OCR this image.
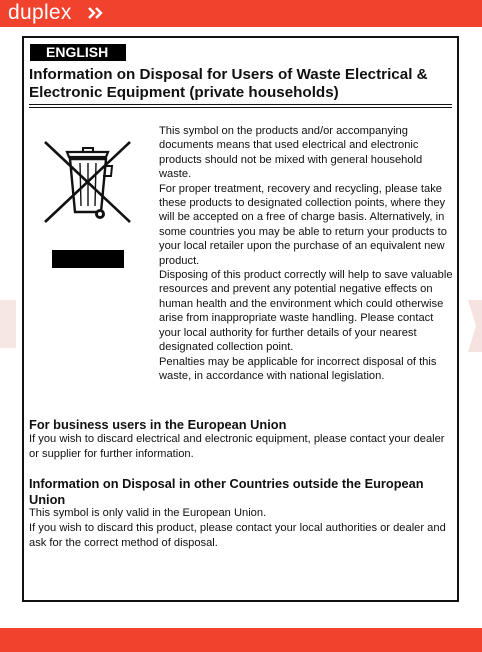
duplex
ENGLISH
Information on Disposal for Users of Waste Electrical & Electronic Equipment (private households)

This symbol on the products and/or accompanying documents means that used electrical and electronic products should not be mixed with general household waste.

For proper treatment, recovery and recycling, please take these products to designated collection points, where they will be accepted on a free of charge basis. Alternatively, in some countries you may be able to return your products to your local retailer upon the purchase of an equivalent new product.

Disposing of this product correctly will help to save valuable resources and prevent any potential negative effects on human health and the environment which could otherwise arise from inappropriate waste handling. Please contact your local authority for further details of your nearest designated collection point.

Penalties may be applicable for incorrect disposal of this waste, in accordance with national legislation.

For business users in the European Union

If you wish to discard electrical and electronic equipment, please contact your dealer or supplier for further information.

Information on Disposal in other Countries outside the European Union

This symbol is only valid in the European Union.

If you wish to discard this product, please contact your local authorities or dealer and ask for the correct method of disposal.
